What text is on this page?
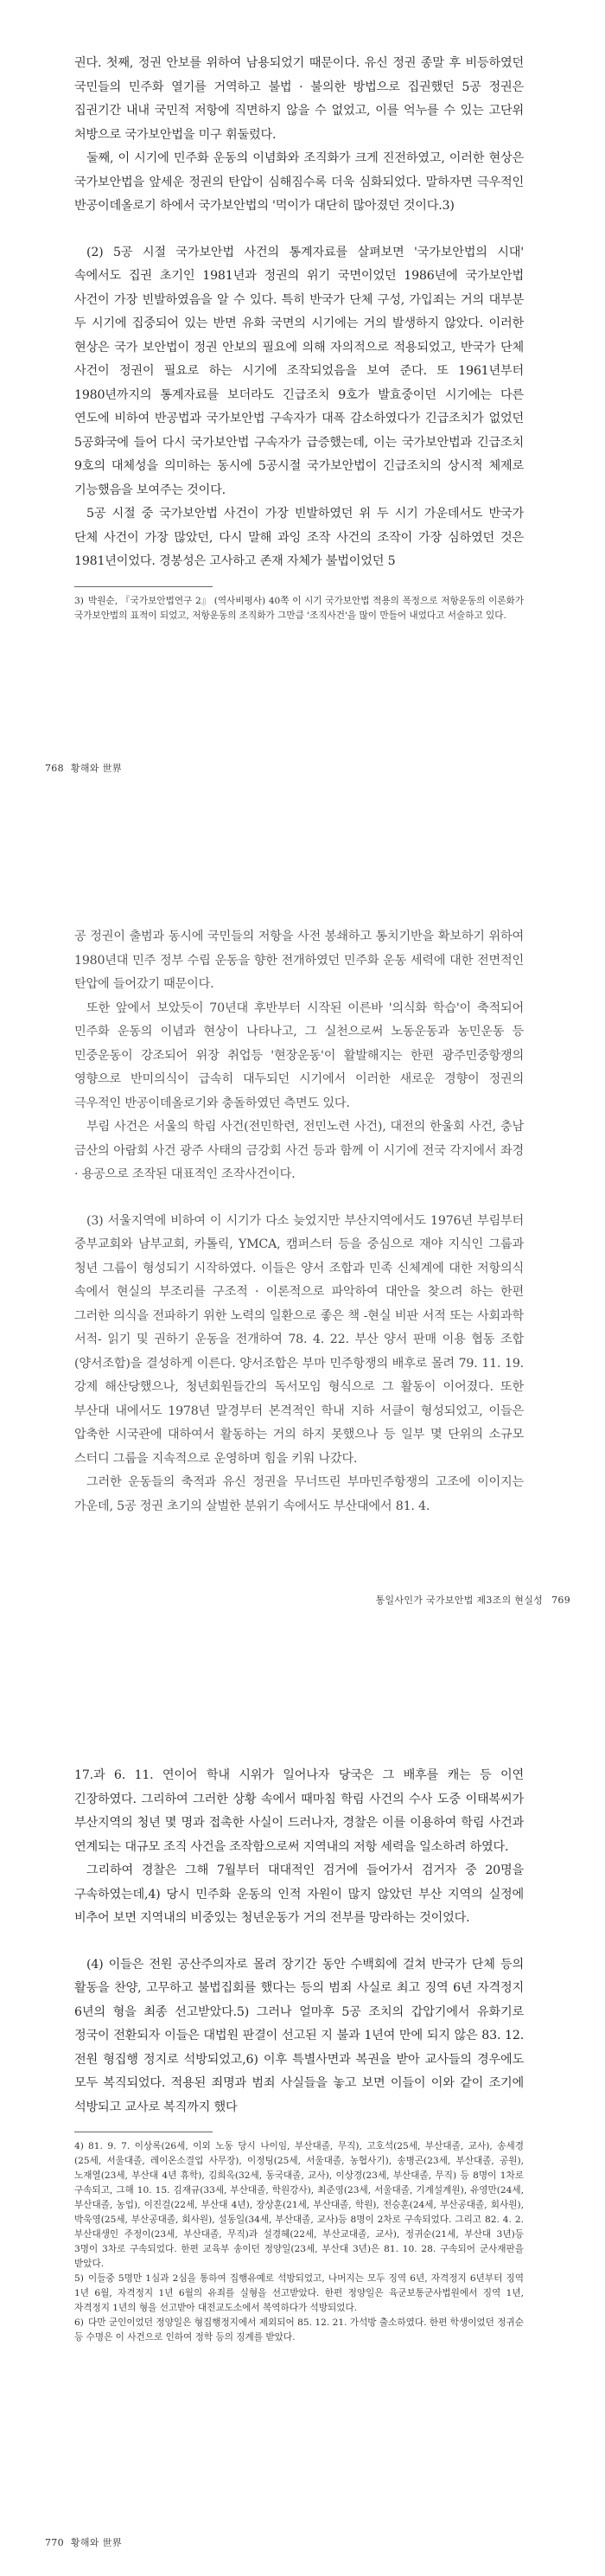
권다. 첫째, 정권 안보를 위하여 남용되었기 때문이다. 유신 정권 종말 후 비등하였던 국민들의 민주화 열기를 거역하고 불법 · 불의한 방법으로 집권했던 5공 정권은 집권기간 내내 국민적 저항에 직면하지 않을 수 없었고, 이를 억누를 수 있는 고단위 처방으로 국가보안법을 미구 휘둘렀다.

둘째, 이 시기에 민주화 운동의 이념화와 조직화가 크게 진전하였고, 이러한 현상은 국가보안법을 앞세운 정권의 탄압이 심해짐수록 더욱 심화되었다. 말하자면 극우적인 반공이데올로기 하에서 국가보안법의 '먹이가 대단히 많아졌던 것이다.3)

(2) 5공 시절 국가보안법 사건의 통계자료를 살펴보면 '국가보안법의 시대' 속에서도 집권 초기인 1981년과 정권의 위기 국면이었던 1986년에 국가보안법 사건이 가장 빈발하였음을 알 수 있다. 특히 반국가 단체 구성, 가입죄는 거의 대부분 두 시기에 집중되어 있는 반면 유화 국면의 시기에는 거의 발생하지 않았다. 이러한 현상은 국가 보안법이 정권 안보의 필요에 의해 자의적으로 적용되었고, 반국가 단체 사건이 정권이 필요로 하는 시기에 조작되었음을 보여 준다. 또 1961년부터 1980년까지의 통계자료를 보더라도 긴급조치 9호가 발효중이던 시기에는 다른 연도에 비하여 반공법과 국가보안법 구속자가 대폭 감소하였다가 긴급조치가 없었던 5공화국에 들어 다시 국가보안법 구속자가 급증했는데, 이는 국가보안법과 긴급조치 9호의 대체성을 의미하는 동시에 5공시절 국가보안법이 긴급조치의 상시적 체제로 기능했음을 보여주는 것이다.

5공 시절 중 국가보안법 사건이 가장 빈발하였던 위 두 시기 가운데서도 반국가 단체 사건이 가장 많았던, 다시 말해 과잉 조작 사건의 조작이 가장 심하였던 것은 1981년이었다. 경봉성은 고사하고 존재 자체가 불법이었던 5

3) 박원순, 『국가보안법연구 2』 (역사비평사) 40쪽 이 시기 국가보안법 적용의 폭정으로 저항운동의 이론화가 국가보안법의 표적이 되었고, 저항운동의 조직화가 그만큼 '조직사건'을 많이 만들어 내었다고 서술하고 있다.

768 황해와 世界

공 정권이 출범과 동시에 국민들의 저항을 사전 봉쇄하고 통치기반을 확보하기 위하여 1980년대 민주 정부 수립 운동을 향한 전개하였던 민주화 운동 세력에 대한 전면적인 탄압에 들어갔기 때문이다.

또한 앞에서 보았듯이 70년대 후반부터 시작된 이른바 '의식화 학습'이 축적되어 민주화 운동의 이념과 현상이 나타나고, 그 실천으로써 노동운동과 농민운동 등 민중운동이 강조되어 위장 취업등 '현장운동'이 활발해지는 한편 광주민중항쟁의 영향으로 반미의식이 급속히 대두되던 시기에서 이러한 새로운 경향이 정권의 극우적인 반공이데올로기와 충돌하였던 측면도 있다.

부림 사건은 서울의 학림 사건(전민학련, 전민노련 사건), 대전의 한울회 사건, 충남 금산의 아람회 사건 광주 사태의 금강회 사건 등과 함께 이 시기에 전국 각지에서 좌경 · 용공으로 조작된 대표적인 조작사건이다.

(3) 서울지역에 비하여 이 시기가 다소 늦었지만 부산지역에서도 1976년 부림부터 중부교회와 남부교회, 카톨릭, YMCA, 캠퍼스터 등을 중심으로 재야 지식인 그룹과 청년 그룹이 형성되기 시작하였다. 이들은 양서 조합과 민족 신체계에 대한 저항의식 속에서 현실의 부조리를 구조적 · 이론적으로 파악하여 대안을 찾으려 하는 한편 그러한 의식을 전파하기 위한 노력의 일환으로 좋은 책 -현실 비판 서적 또는 사회과학 서적- 읽기 및 권하기 운동을 전개하여 78. 4. 22. 부산 양서 판매 이용 협동 조합 (양서조합)을 결성하게 이른다. 양서조합은 부마 민주항쟁의 배후로 몰려 79. 11. 19. 강제 해산당했으나, 청년회원들간의 독서모임 형식으로 그 활동이 이어졌다. 또한 부산대 내에서도 1978년 말경부터 본격적인 학내 지하 서클이 형성되었고, 이들은 압축한 시국관에 대하여서 활동하는 거의 하지 못했으나 등 일부 몇 단위의 소규모 스터디 그룹을 지속적으로 운영하며 힘을 키워 나갔다.

그러한 운동들의 축적과 유신 정권을 무너뜨린 부마민주항쟁의 고조에 이이지는 가운데, 5공 정권 초기의 살벌한 분위기 속에서도 부산대에서 81. 4.

통일사인가 국가보안법 제3조의 현실성 769

17.과 6. 11. 연이어 학내 시위가 일어나자 당국은 그 배후를 캐는 등 이연 긴장하였다. 그리하여 그러한 상황 속에서 때마침 학림 사건의 수사 도중 이태복씨가 부산지역의 청년 몇 명과 접촉한 사실이 드러나자, 경찰은 이를 이용하여 학림 사건과 연계되는 대규모 조직 사건을 조작함으로써 지역내의 저항 세력을 일소하려 하였다.

그리하여 경찰은 그해 7월부터 대대적인 검거에 들어가서 검거자 중 20명을 구속하였는데,4) 당시 민주화 운동의 인적 자원이 많지 않았던 부산 지역의 실정에 비추어 보면 지역내의 비중있는 청년운동가 거의 전부를 망라하는 것이었다.

(4) 이들은 전원 공산주의자로 몰려 장기간 동안 수백회에 걸쳐 반국가 단체 등의 활동을 찬양, 고무하고 불법집회를 했다는 등의 범죄 사실로 최고 징역 6년 자격정지 6년의 형을 최종 선고받았다.5) 그러나 얼마후 5공 조치의 갑압기에서 유화기로 정국이 전환되자 이들은 대법원 판결이 선고된 지 불과 1년여 만에 되지 않은 83. 12. 전원 형집행 정지로 석방되었고,6) 이후 특별사면과 복권을 받아 교사들의 경우에도 모두 복직되었다. 적용된 죄명과 범죄 사실들을 놓고 보면 이들이 이와 같이 조기에 석방되고 교사로 복직까지 했다

4) 81. 9. 7. 이상록(26세, 이외 노동 당시 나이임, 부산대졸, 무직), 고호석(25세, 부산대졸, 교사), 송세경(25세, 서울대졸, 레이온소결업 사무장), 이정팅(25세, 서울대졸, 농협사기), 송병곤(23세, 부산대졸, 공원), 노재열(23세, 부산대 4년 휴학), 김희옥(32세, 동국대졸, 교사), 이상경(23세, 부산대졸, 무직) 등 8명이 1차로 구속되고, 그해 10. 15. 김재규(33세, 부산대졸, 학원강사), 최준영(23세, 서울대졸, 기계설계원), 유영만(24세, 부산대졸, 농업), 이진걸(22세, 부산대 4년), 장상훈(21세, 부산대졸, 학원), 전승훈(24세, 부산공대졸, 회사원), 박욱영(25세, 부산공대졸, 회사원), 설동일(34세, 부산대졸, 교사)등 8명이 2차로 구속되었다. 그리고 82. 4. 2. 부산대생인 주정이(23세, 부산대졸, 무직)과 설경혜(22세, 부산교대졸, 교사), 정귀순(21세, 부산대 3년)등 3명이 3차로 구속되었다. 한편 교육부 송이던 정양일(23세, 부산대 3년)은 81. 10. 28. 구속되어 군사재판을 받았다.

5) 이들중 5명만 1심과 2심을 통하여 집행유예로 석방되었고, 나머지는 모두 징역 6년, 자격정지 6년부터 징역 1년 6월, 자격정지 1년 6월의 유죄를 실형을 선고받았다. 한편 정양일은 육군보통군사법원에서 징역 1년, 자격정지 1년의 형을 선고받아 대전교도소에서 복역하다가 석방되었다.

6) 다만 군인이었던 정양일은 형집행정지에서 제외되어 85. 12. 21. 가석방 출소하였다. 한편 학생이었던 정귀순 등 수명은 이 사건으로 인하여 정학 등의 징계를 받았다.

770 황해와 世界
